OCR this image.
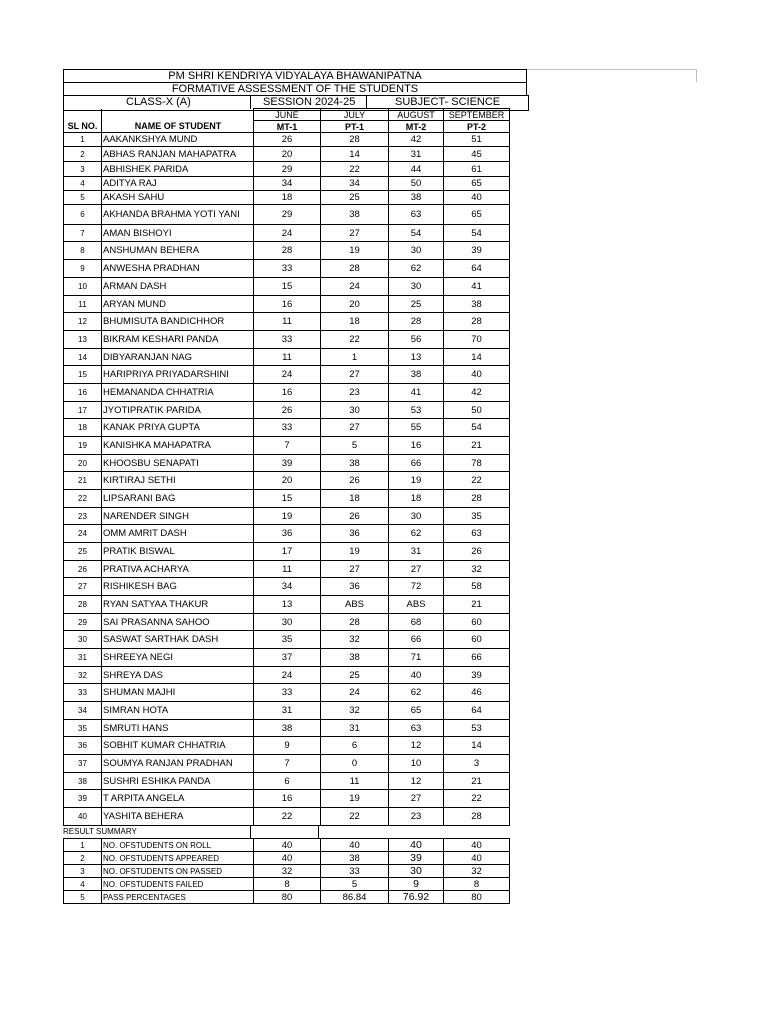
PM SHRI KENDRIYA VIDYALAYA BHAWANIPATNA
FORMATIVE ASSESSMENT OF THE STUDENTS
CLASS-X (A)	SESSION 2024-25	SUBJECT- SCIENCE
		JUNE	JULY	AUGUST	SEPTEMBER
SL NO.	NAME OF STUDENT	MT-1	PT-1	MT-2	PT-2
1	AAKANKSHYA MUND	26	28	42	51
2	ABHAS RANJAN MAHAPATRA	20	14	31	45
3	ABHISHEK PARIDA	29	22	44	61
4	ADITYA RAJ	34	34	50	65
5	AKASH SAHU	18	25	38	40
6	AKHANDA BRAHMA YOTI YANI	29	38	63	65
7	AMAN BISHOYI	24	27	54	54
8	ANSHUMAN BEHERA	28	19	30	39
9	ANWESHA PRADHAN	33	28	62	64
10	ARMAN DASH	15	24	30	41
11	ARYAN MUND	16	20	25	38
12	BHUMISUTA BANDICHHOR	11	18	28	28
13	BIKRAM KESHARI PANDA	33	22	56	70
14	DIBYARANJAN NAG	11	1	13	14
15	HARIPRIYA PRIYADARSHINI	24	27	38	40
16	HEMANANDA CHHATRIA	16	23	41	42
17	JYOTIPRATIK PARIDA	26	30	53	50
18	KANAK PRIYA GUPTA	33	27	55	54
19	KANISHKA MAHAPATRA	7	5	16	21
20	KHOOSBU SENAPATI	39	38	66	78
21	KIRTIRAJ SETHI	20	26	19	22
22	LIPSARANI BAG	15	18	18	28
23	NARENDER SINGH	19	26	30	35
24	OMM AMRIT DASH	36	36	62	63
25	PRATIK BISWAL	17	19	31	26
26	PRATIVA ACHARYA	11	27	27	32
27	RISHIKESH BAG	34	36	72	58
28	RYAN SATYAA THAKUR	13	ABS	ABS	21
29	SAI PRASANNA SAHOO	30	28	68	60
30	SASWAT SARTHAK DASH	35	32	66	60
31	SHREEYA NEGI	37	38	71	66
32	SHREYA DAS	24	25	40	39
33	SHUMAN MAJHI	33	24	62	46
34	SIMRAN HOTA	31	32	65	64
35	SMRUTI HANS	38	31	63	53
36	SOBHIT KUMAR CHHATRIA	9	6	12	14
37	SOUMYA RANJAN PRADHAN	7	0	10	3
38	SUSHRI ESHIKA PANDA	6	11	12	21
39	T ARPITA ANGELA	16	19	27	22
40	YASHITA BEHERA	22	22	23	28
RESULT SUMMARY
1	NO. OFSTUDENTS ON ROLL	40	40	40	40
2	NO. OFSTUDENTS APPEARED	40	38	39	40
3	NO. OFSTUDENTS ON PASSED	32	33	30	32
4	NO. OFSTUDENTS FAILED	8	5	9	8
5	PASS PERCENTAGES	80	86.84	76.92	80
